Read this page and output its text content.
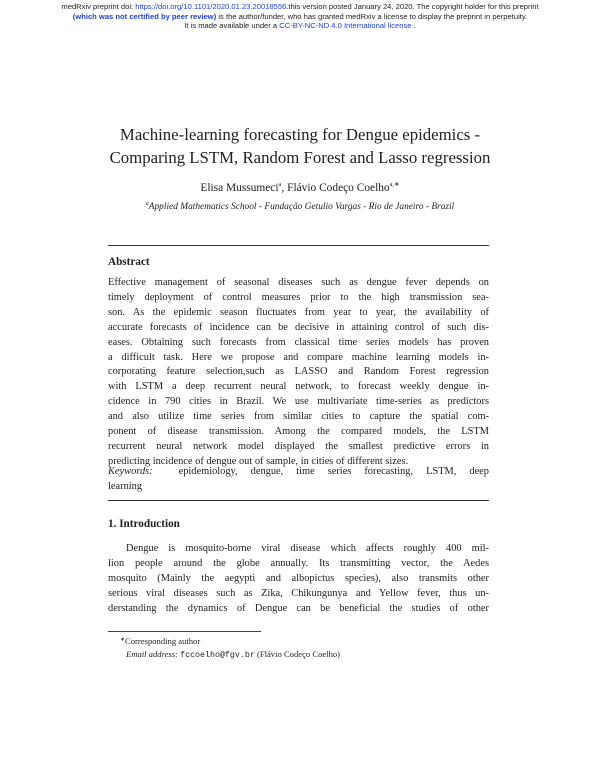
medRxiv preprint doi: https://doi.org/10.1101/2020.01.23.20018556.this version posted January 24, 2020. The copyright holder for this preprint
(which was not certified by peer review) is the author/funder, who has granted medRxiv a license to display the preprint in perpetuity.
It is made available under a CC-BY-NC-ND 4.0 International license .
Machine-learning forecasting for Dengue epidemics -
Comparing LSTM, Random Forest and Lasso regression
Elisa Mussumeci$^a$, Flávio Codeço Coelho$^{a,∗}$
$^a$Applied Mathematics School - Fundação Getulio Vargas - Rio de Janeiro - Brazil
Abstract
Effective management of seasonal diseases such as dengue fever depends on
timely deployment of control measures prior to the high transmission sea-
son. As the epidemic season fluctuates from year to year, the availability of
accurate forecasts of incidence can be decisive in attaining control of such dis-
eases. Obtaining such forecasts from classical time series models has proven
a difficult task. Here we propose and compare machine learning models in-
corporating feature selection,such as LASSO and Random Forest regression
with LSTM a deep recurrent neural network, to forecast weekly dengue in-
cidence in 790 cities in Brazil. We use multivariate time-series as predictors
and also utilize time series from similar cities to capture the spatial com-
ponent of disease transmission. Among the compared models, the LSTM
recurrent neural network model displayed the smallest predictive errors in
predicting incidence of dengue out of sample, in cities of different sizes.
Keywords: epidemiology, dengue, time series forecasting, LSTM, deep
learning
1. Introduction
Dengue is mosquito-borne viral disease which affects roughly 400 mil-
lion people around the globe annually. Its transmitting vector, the Aedes
mosquito (Mainly the aegypti and albopictus species), also transmits other
serious viral diseases such as Zika, Chikungunya and Yellow fever, thus un-
derstanding the dynamics of Dengue can be beneficial the studies of other
∗Corresponding author
Email address: fccoelho@fgv.br (Flávio Codeço Coelho)
